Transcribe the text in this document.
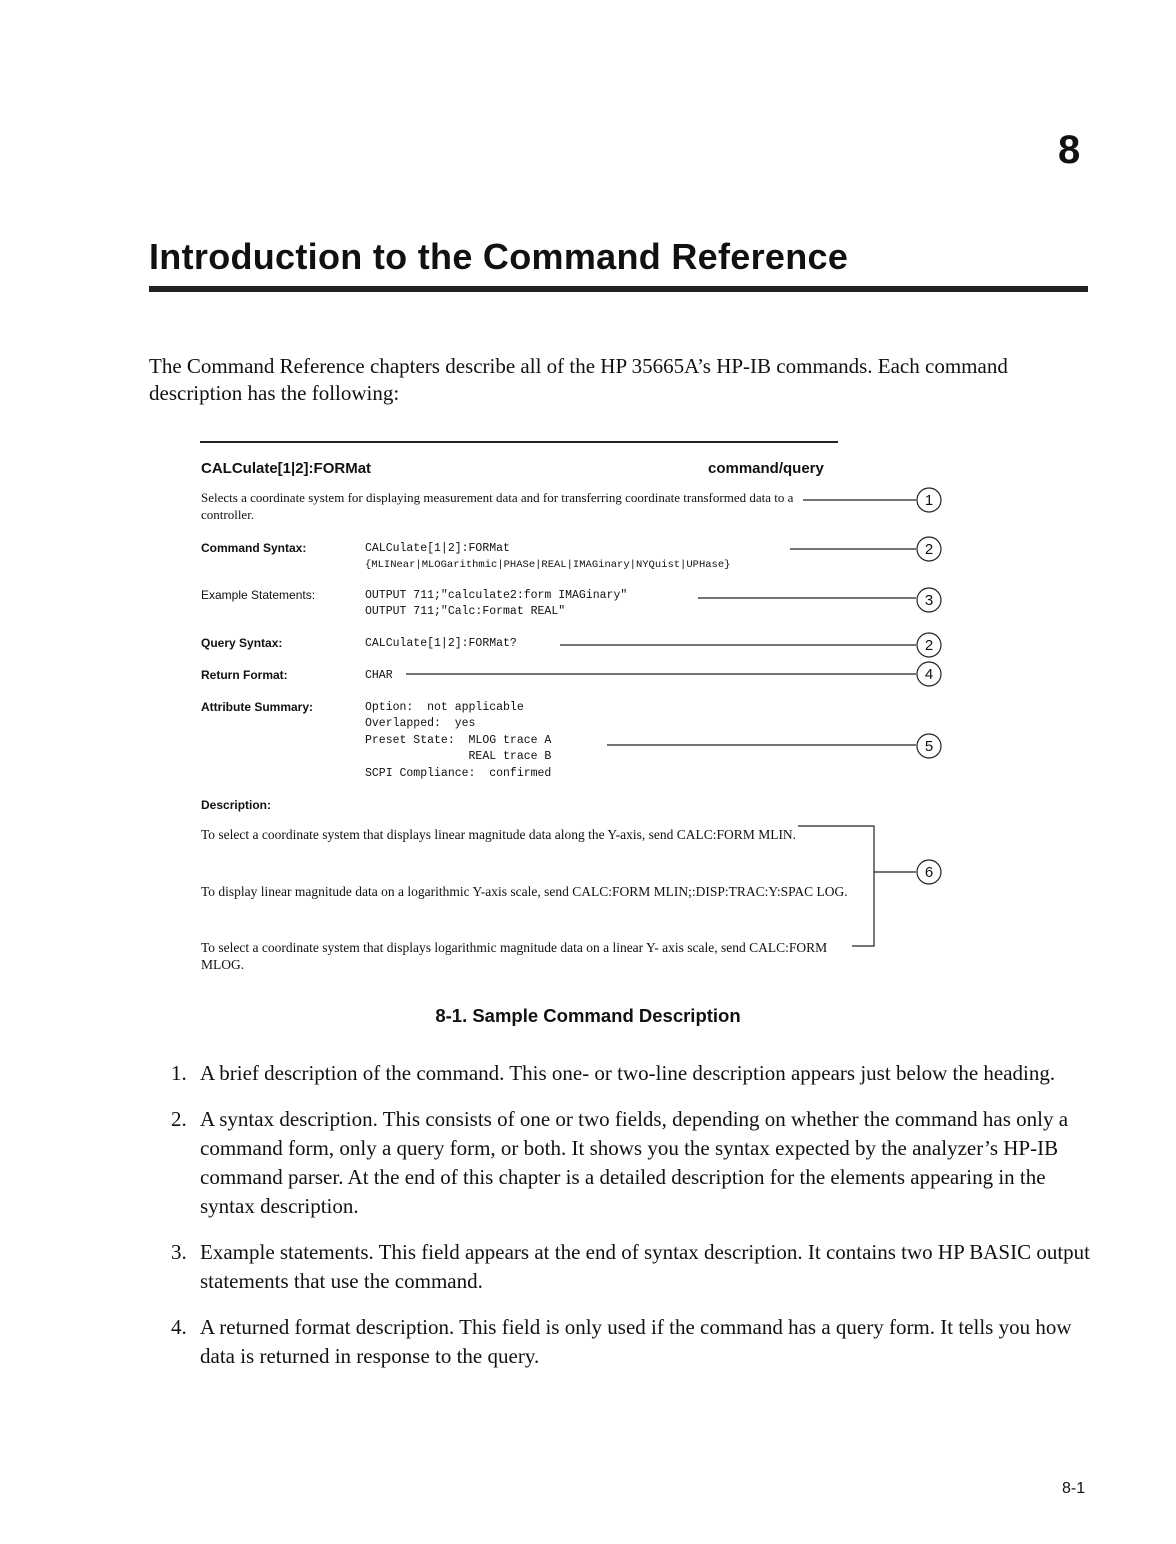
8
Introduction to the Command Reference
The Command Reference chapters describe all of the HP 35665A’s HP-IB commands. Each command description has the following:
CALCulate[1|2]:FORMat	command/query
Selects a coordinate system for displaying measurement data and for transferring coordinate transformed data to a controller.
Command Syntax:	CALCulate[1|2]:FORMat
{MLINear|MLOGarithmic|PHASe|REAL|IMAGinary|NYQuist|UPHase}
Example Statements:	OUTPUT 711;"calculate2:form IMAGinary"
OUTPUT 711;"Calc:Format REAL"
Query Syntax:	CALCulate[1|2]:FORMat?
Return Format:	CHAR
Attribute Summary:	Option:  not applicable
Overlapped:  yes
Preset State:  MLOG trace A
REAL trace B
SCPI Compliance:  confirmed
Description:
To select a coordinate system that displays linear magnitude data along the Y-axis, send CALC:FORM MLIN.
To display linear magnitude data on a logarithmic Y-axis scale, send CALC:FORM MLIN;:DISP:TRAC:Y:SPAC LOG.
To select a coordinate system that displays logarithmic magnitude data on a linear Y- axis scale, send CALC:FORM MLOG.
1
2
3
2
4
5
6
8-1. Sample Command Description
1. A brief description of the command. This one- or two-line description appears just below the heading.
2. A syntax description. This consists of one or two fields, depending on whether the command has only a command form, only a query form, or both. It shows you the syntax expected by the analyzer’s HP-IB command parser. At the end of this chapter is a detailed description for the elements appearing in the syntax description.
3. Example statements. This field appears at the end of syntax description. It contains two HP BASIC output statements that use the command.
4. A returned format description. This field is only used if the command has a query form. It tells you how data is returned in response to the query.
8-1
